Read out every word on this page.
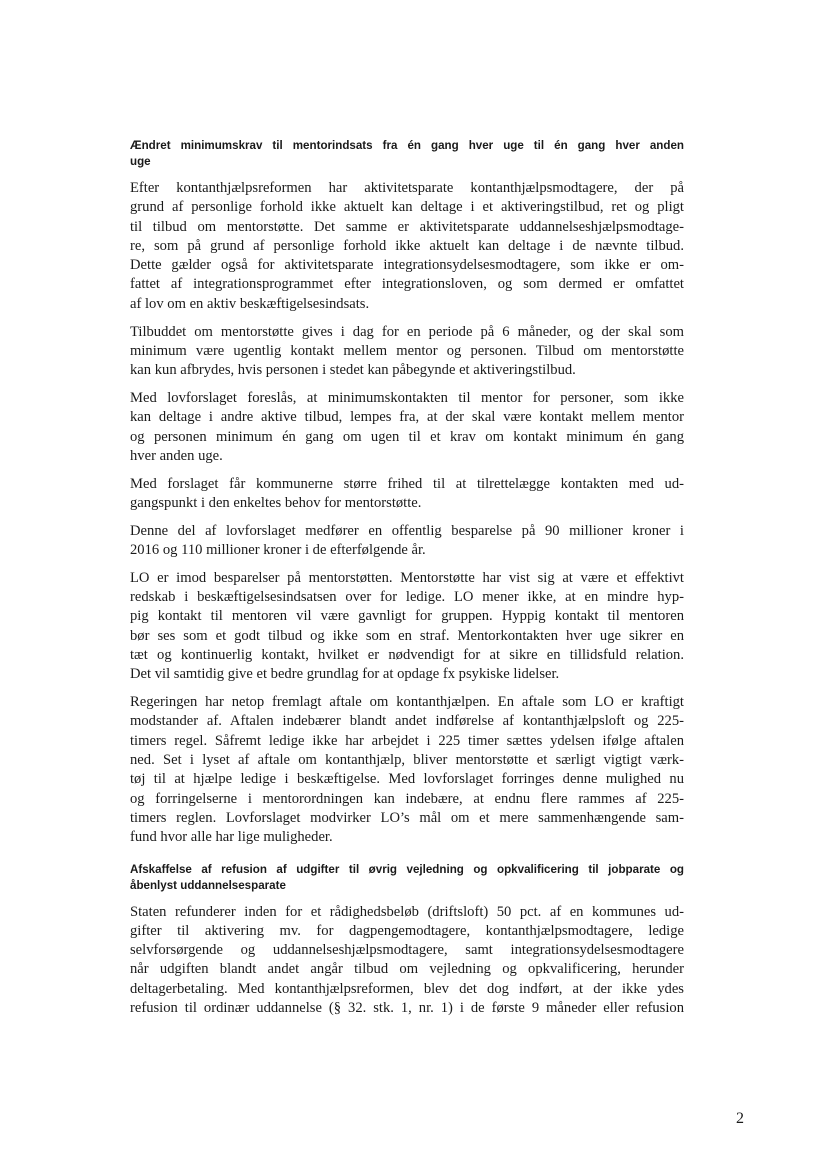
Ændret minimumskrav til mentorindsats fra én gang hver uge til én gang hver anden
uge
Efter kontanthjælpsreformen har aktivitetsparate kontanthjælpsmodtagere, der på
grund af personlige forhold ikke aktuelt kan deltage i et aktiveringstilbud, ret og pligt
til tilbud om mentorstøtte. Det samme er aktivitetsparate uddannelseshjælpsmodtage-
re, som på grund af personlige forhold ikke aktuelt kan deltage i de nævnte tilbud.
Dette gælder også for aktivitetsparate integrationsydelsesmodtagere, som ikke er om-
fattet af integrationsprogrammet efter integrationsloven, og som dermed er omfattet
af lov om en aktiv beskæftigelsesindsats.
Tilbuddet om mentorstøtte gives i dag for en periode på 6 måneder, og der skal som
minimum være ugentlig kontakt mellem mentor og personen. Tilbud om mentorstøtte
kan kun afbrydes, hvis personen i stedet kan påbegynde et aktiveringstilbud.
Med lovforslaget foreslås, at minimumskontakten til mentor for personer, som ikke
kan deltage i andre aktive tilbud, lempes fra, at der skal være kontakt mellem mentor
og personen minimum én gang om ugen til et krav om kontakt minimum én gang
hver anden uge.
Med forslaget får kommunerne større frihed til at tilrettelægge kontakten med ud-
gangspunkt i den enkeltes behov for mentorstøtte.
Denne del af lovforslaget medfører en offentlig besparelse på 90 millioner kroner i
2016 og 110 millioner kroner i de efterfølgende år.
LO er imod besparelser på mentorstøtten. Mentorstøtte har vist sig at være et effektivt
redskab i beskæftigelsesindsatsen over for ledige. LO mener ikke, at en mindre hyp-
pig kontakt til mentoren vil være gavnligt for gruppen. Hyppig kontakt til mentoren
bør ses som et godt tilbud og ikke som en straf. Mentorkontakten hver uge sikrer en
tæt og kontinuerlig kontakt, hvilket er nødvendigt for at sikre en tillidsfuld relation.
Det vil samtidig give et bedre grundlag for at opdage fx psykiske lidelser.
Regeringen har netop fremlagt aftale om kontanthjælpen. En aftale som LO er kraftigt
modstander af. Aftalen indebærer blandt andet indførelse af kontanthjælpsloft og 225-
timers regel. Såfremt ledige ikke har arbejdet i 225 timer sættes ydelsen ifølge aftalen
ned. Set i lyset af aftale om kontanthjælp, bliver mentorstøtte et særligt vigtigt værk-
tøj til at hjælpe ledige i beskæftigelse. Med lovforslaget forringes denne mulighed nu
og forringelserne i mentorordningen kan indebære, at endnu flere rammes af 225-
timers reglen. Lovforslaget modvirker LO’s mål om et mere sammenhængende sam-
fund hvor alle har lige muligheder.
Afskaffelse af refusion af udgifter til øvrig vejledning og opkvalificering til jobparate og
åbenlyst uddannelsesparate
Staten refunderer inden for et rådighedsbeløb (driftsloft) 50 pct. af en kommunes ud-
gifter til aktivering mv. for dagpengemodtagere, kontanthjælpsmodtagere, ledige
selvforsørgende og uddannelseshjælpsmodtagere, samt integrationsydelsesmodtagere
når udgiften blandt andet angår tilbud om vejledning og opkvalificering, herunder
deltagerbetaling. Med kontanthjælpsreformen, blev det dog indført, at der ikke ydes
refusion til ordinær uddannelse (§ 32. stk. 1, nr. 1) i de første 9 måneder eller refusion
2
